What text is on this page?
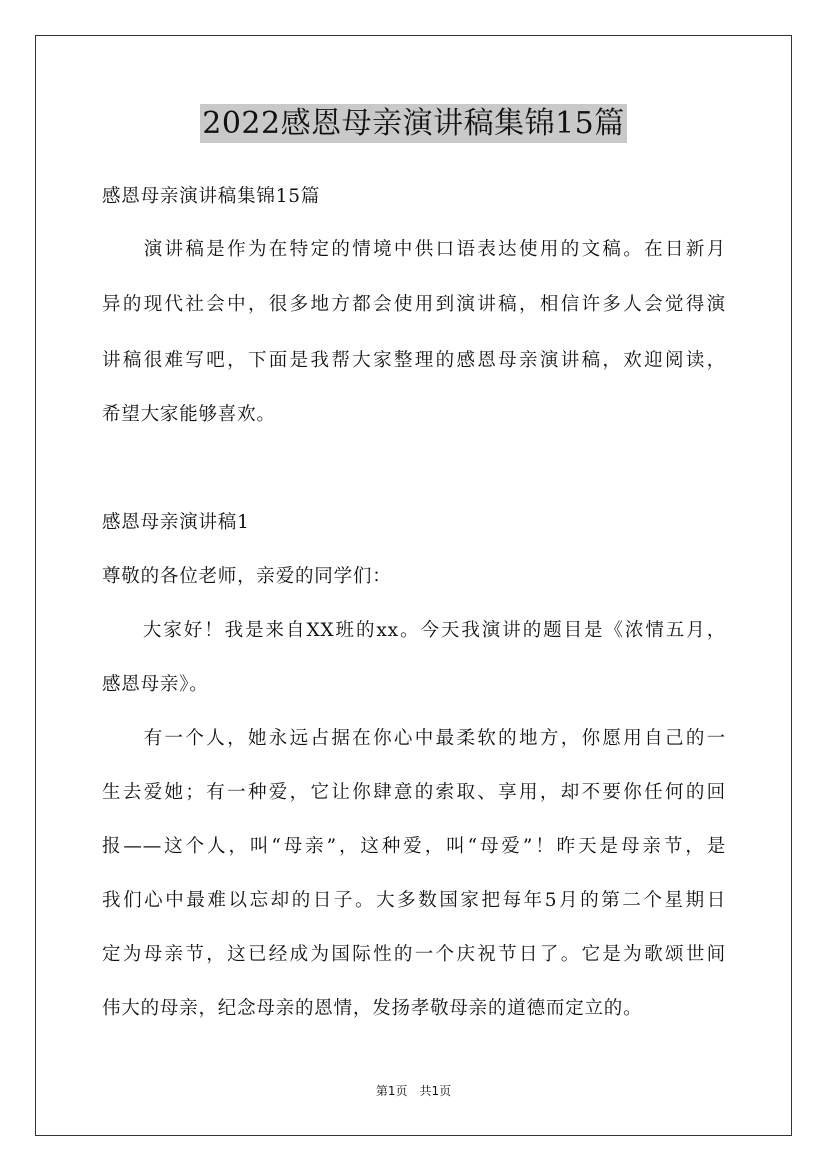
2022感恩母亲演讲稿集锦15篇
感恩母亲演讲稿集锦15篇
　　演讲稿是作为在特定的情境中供口语表达使用的文稿。在日新月
异的现代社会中，很多地方都会使用到演讲稿，相信许多人会觉得演
讲稿很难写吧，下面是我帮大家整理的感恩母亲演讲稿，欢迎阅读，
希望大家能够喜欢。
感恩母亲演讲稿1
尊敬的各位老师，亲爱的同学们：
　　大家好！我是来自XX班的xx。今天我演讲的题目是《浓情五月，
感恩母亲》。
　　有一个人，她永远占据在你心中最柔软的地方，你愿用自己的一
生去爱她；有一种爱，它让你肆意的索取、享用，却不要你任何的回
报——这个人，叫“母亲”，这种爱，叫“母爱”！昨天是母亲节，是
我们心中最难以忘却的日子。大多数国家把每年5月的第二个星期日
定为母亲节，这已经成为国际性的一个庆祝节日了。它是为歌颂世间
伟大的母亲，纪念母亲的恩情，发扬孝敬母亲的道德而定立的。
第1页　共1页
